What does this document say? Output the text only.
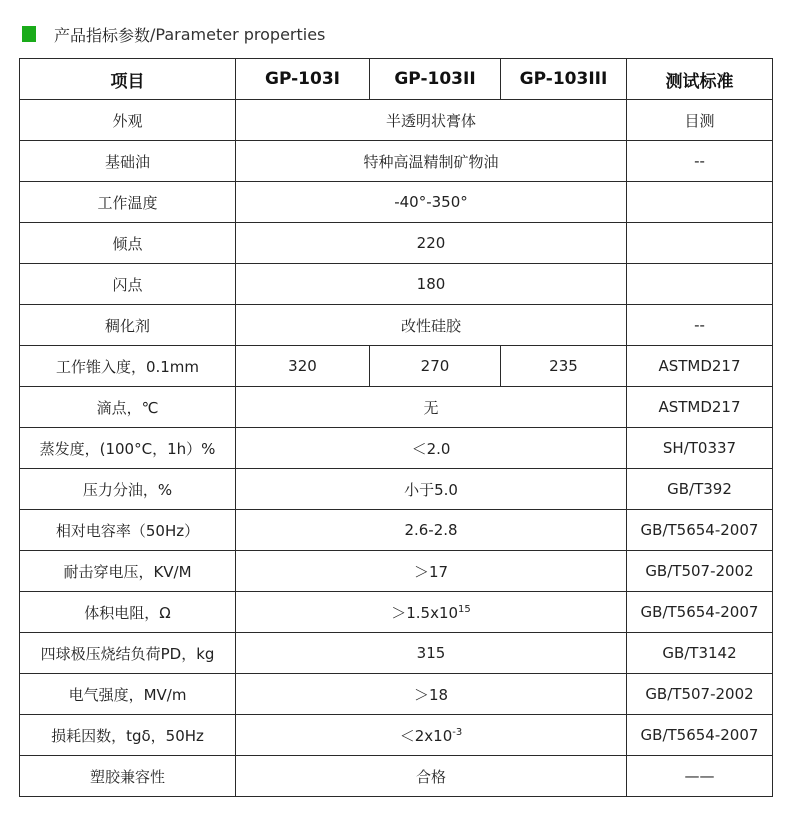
产品指标参数 /Parameter properties
项目	GP-103I	GP-103II	GP-103III	测试标准
外观	半透明状膏体			目测
基础油	特种高温精制矿物油			--
工作温度	-40°-350°			
倾点	220			
闪点	180			
稠化剂	改性硅胶			--
工作锥入度，0.1mm	320	270	235	ASTMD217
滴点，℃	无			ASTMD217
蒸发度，(100°C，1h）%	＜2.0			SH/T0337
压力分油，%	小于5.0			GB/T392
相对电容率（50Hz）	2.6-2.8			GB/T5654-2007
耐击穿电压，KV/M	＞17			GB/T507-2002
体积电阻，Ω	$>1.5x10^{15}$			GB/T5654-2007
四球极压烧结负荷PD，kg	315			GB/T3142
电气强度，MV/m	＞18			GB/T507-2002
损耗因数，tgδ，50Hz	$<2x10^{-3}$			GB/T5654-2007
塑胶兼容性	合格			——
